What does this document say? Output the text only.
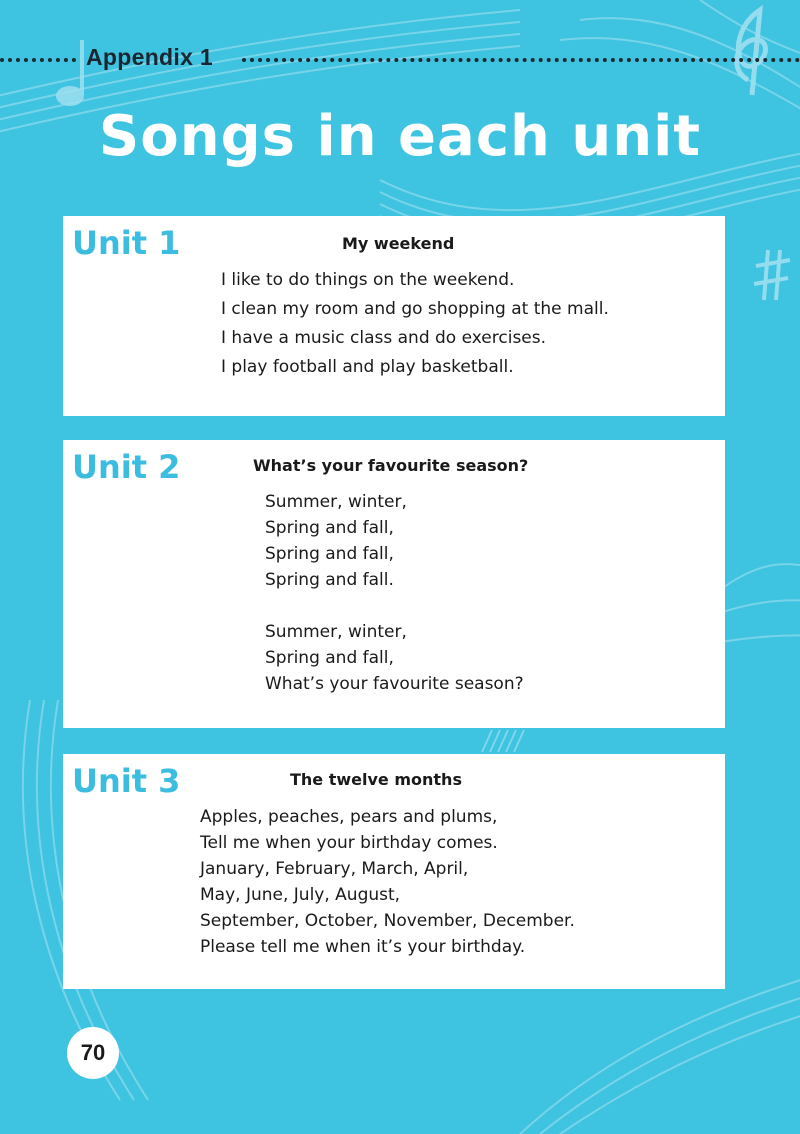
Appendix 1
Songs in each unit
Unit 1	My weekend
I like to do things on the weekend.
I clean my room and go shopping at the mall.
I have a music class and do exercises.
I play football and play basketball.
Unit 2	What’s your favourite season?
Summer, winter,
Spring and fall,
Spring and fall,
Spring and fall.
Summer, winter,
Spring and fall,
What’s your favourite season?
Unit 3	The twelve months
Apples, peaches, pears and plums,
Tell me when your birthday comes.
January, February, March, April,
May, June, July, August,
September, October, November, December.
Please tell me when it’s your birthday.
70
